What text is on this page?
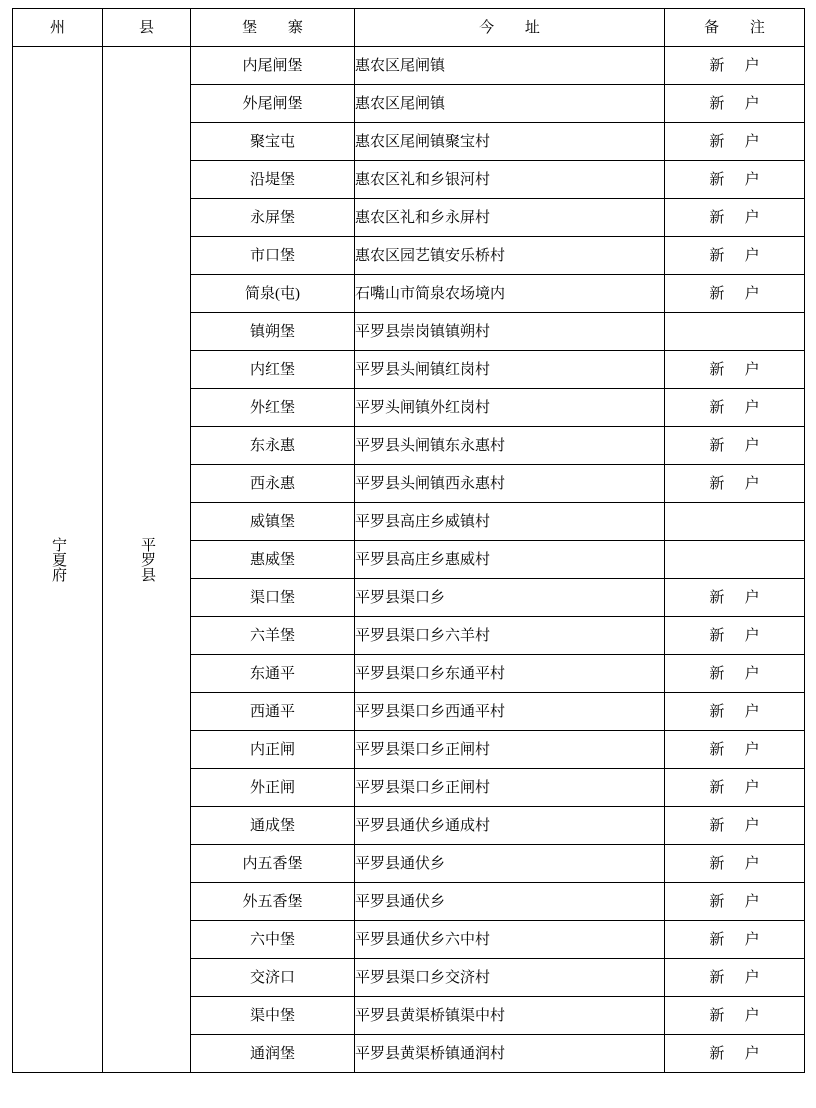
州	县	堡 寨	今 址	备 注

宁夏府	平罗县	内尾闸堡	惠农区尾闸镇	新 户
		外尾闸堡	惠农区尾闸镇	新 户
		聚宝屯	惠农区尾闸镇聚宝村	新 户
		沿堤堡	惠农区礼和乡银河村	新 户
		永屏堡	惠农区礼和乡永屏村	新 户
		市口堡	惠农区园艺镇安乐桥村	新 户
		简泉(屯)	石嘴山市简泉农场境内	新 户
		镇朔堡	平罗县崇岗镇镇朔村	
		内红堡	平罗县头闸镇红岗村	新 户
		外红堡	平罗头闸镇外红岗村	新 户
		东永惠	平罗县头闸镇东永惠村	新 户
		西永惠	平罗县头闸镇西永惠村	新 户
		威镇堡	平罗县高庄乡威镇村	
		惠威堡	平罗县高庄乡惠威村	
		渠口堡	平罗县渠口乡	新 户
		六羊堡	平罗县渠口乡六羊村	新 户
		东通平	平罗县渠口乡东通平村	新 户
		西通平	平罗县渠口乡西通平村	新 户
		内正闸	平罗县渠口乡正闸村	新 户
		外正闸	平罗县渠口乡正闸村	新 户
		通成堡	平罗县通伏乡通成村	新 户
		内五香堡	平罗县通伏乡	新 户
		外五香堡	平罗县通伏乡	新 户
		六中堡	平罗县通伏乡六中村	新 户
		交济口	平罗县渠口乡交济村	新 户
		渠中堡	平罗县黄渠桥镇渠中村	新 户
		通润堡	平罗县黄渠桥镇通润村	新 户
